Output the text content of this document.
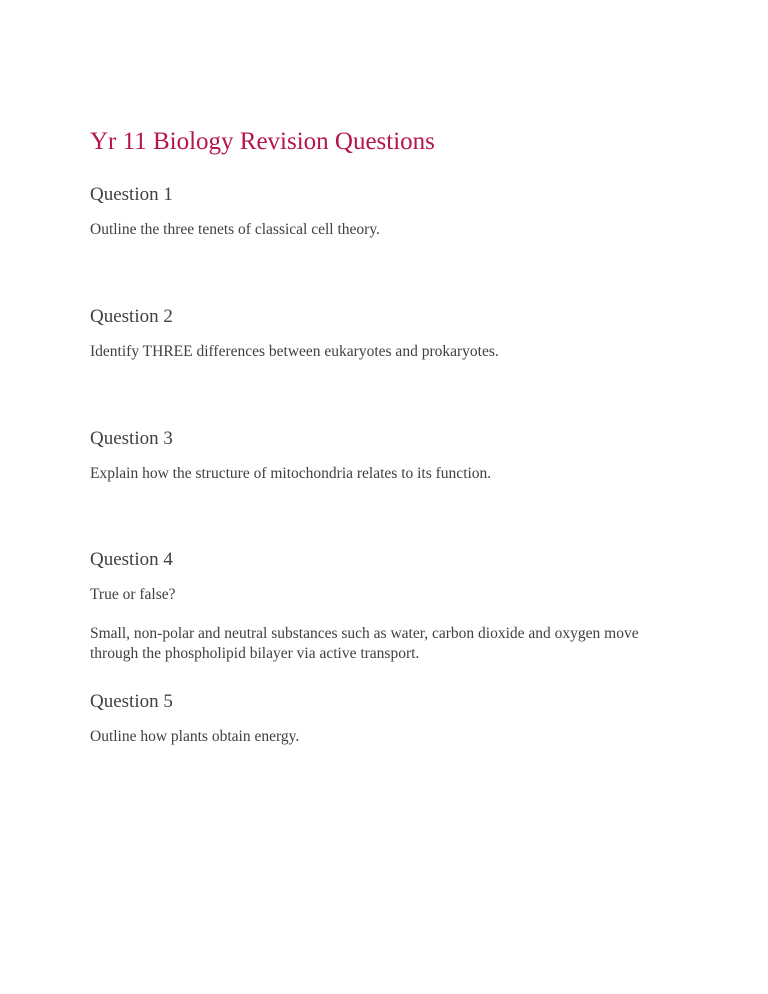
Yr 11 Biology Revision Questions
Question 1
Outline the three tenets of classical cell theory.
Question 2
Identify THREE differences between eukaryotes and prokaryotes.
Question 3
Explain how the structure of mitochondria relates to its function.
Question 4
True or false?
Small, non-polar and neutral substances such as water, carbon dioxide and oxygen move through the phospholipid bilayer via active transport.
Question 5
Outline how plants obtain energy.
